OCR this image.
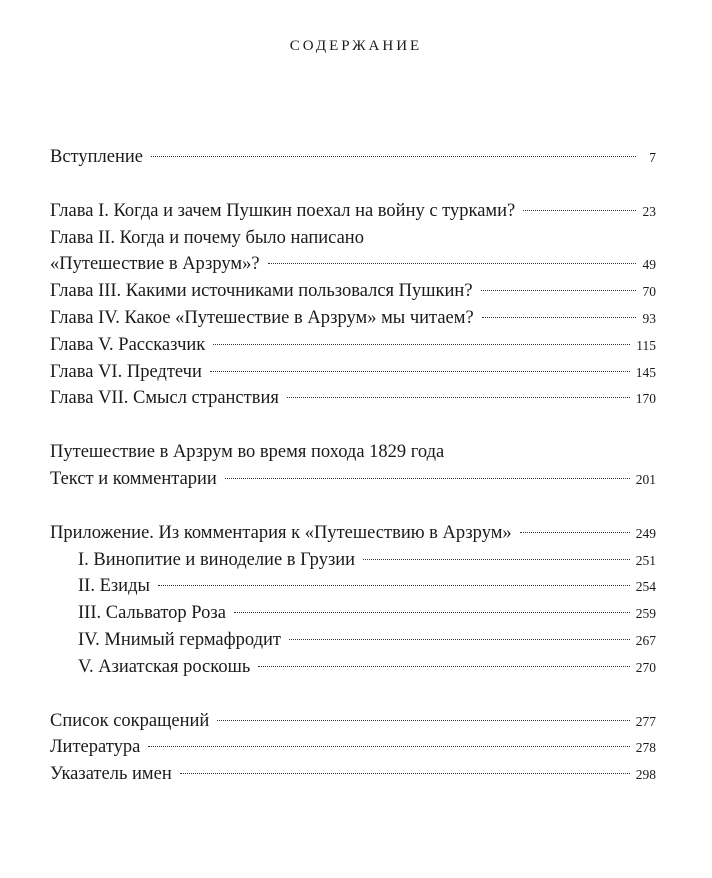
СОДЕРЖАНИЕ
Вступление	7
Глава I. Когда и зачем Пушкин поехал на войну с турками?	23
Глава II. Когда и почему было написано
«Путешествие в Арзрум»?	49
Глава III. Какими источниками пользовался Пушкин?	70
Глава IV. Какое «Путешествие в Арзрум» мы читаем?	93
Глава V. Рассказчик	115
Глава VI. Предтечи	145
Глава VII. Смысл странствия	170
Путешествие в Арзрум во время похода 1829 года
Текст и комментарии	201
Приложение. Из комментария к «Путешествию в Арзрум»	249
I. Винопитие и виноделие в Грузии	251
II. Езиды	254
III. Сальватор Роза	259
IV. Мнимый гермафродит	267
V. Азиатская роскошь	270
Список сокращений	277
Литература	278
Указатель имен	298
